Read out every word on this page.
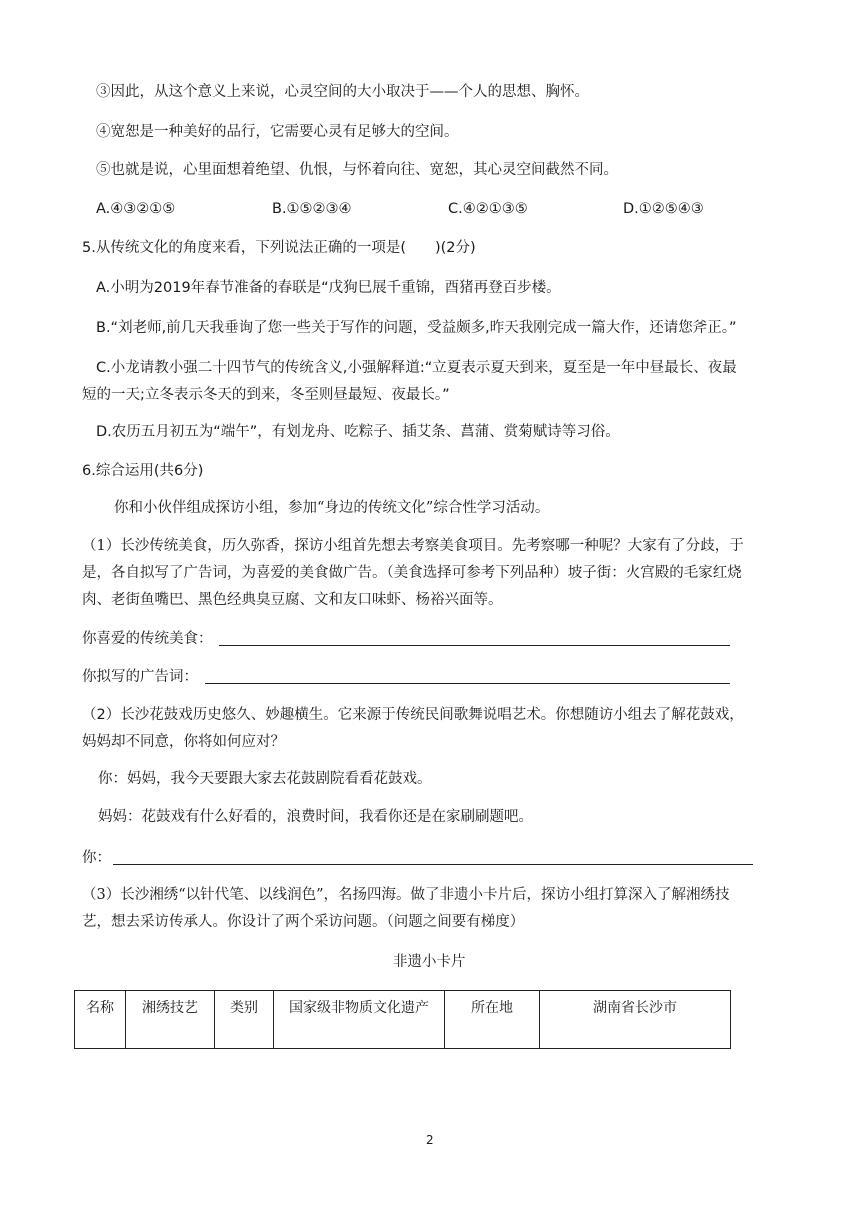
③因此，从这个意义上来说，心灵空间的大小取决于——个人的思想、胸怀。
④宽恕是一种美好的品行，它需要心灵有足够大的空间。
⑤也就是说，心里面想着绝望、仇恨，与怀着向往、宽恕，其心灵空间截然不同。
A.④③②①⑤	B.①⑤②③④	C.④②①③⑤	D.①②⑤④③
5.从传统文化的角度来看，下列说法正确的一项是(　　)(2分)
A.小明为2019年春节准备的春联是“戊狗巳展千重锦，酉猪再登百步楼。
B.“刘老师,前几天我垂询了您一些关于写作的问题，受益颇多,昨天我刚完成一篇大作，还请您斧正。”
C.小龙请教小强二十四节气的传统含义,小强解释道:“立夏表示夏天到来，夏至是一年中昼最长、夜最
短的一天;立冬表示冬天的到来，冬至则昼最短、夜最长。”
D.农历五月初五为“端午”，有划龙舟、吃粽子、插艾条、菖蒲、赏菊赋诗等习俗。
6.综合运用(共6分)
你和小伙伴组成探访小组，参加“身边的传统文化”综合性学习活动。
（1）长沙传统美食，历久弥香，探访小组首先想去考察美食项目。先考察哪一种呢？大家有了分歧，于
是，各自拟写了广告词，为喜爱的美食做广告。（美食选择可参考下列品种）坡子街：火宫殿的毛家红烧
肉、老街鱼嘴巴、黑色经典臭豆腐、文和友口味虾、杨裕兴面等。
你喜爱的传统美食：
你拟写的广告词：
（2）长沙花鼓戏历史悠久、妙趣横生。它来源于传统民间歌舞说唱艺术。你想随访小组去了解花鼓戏，
妈妈却不同意，你将如何应对？
你：妈妈，我今天要跟大家去花鼓剧院看看花鼓戏。
妈妈：花鼓戏有什么好看的，浪费时间，我看你还是在家刷刷题吧。
你：
（3）长沙湘绣“以针代笔、以线润色”，名扬四海。做了非遗小卡片后，探访小组打算深入了解湘绣技
艺，想去采访传承人。你设计了两个采访问题。（问题之间要有梯度）
非遗小卡片
名称	湘绣技艺	类别	国家级非物质文化遗产	所在地	湖南省长沙市
2
